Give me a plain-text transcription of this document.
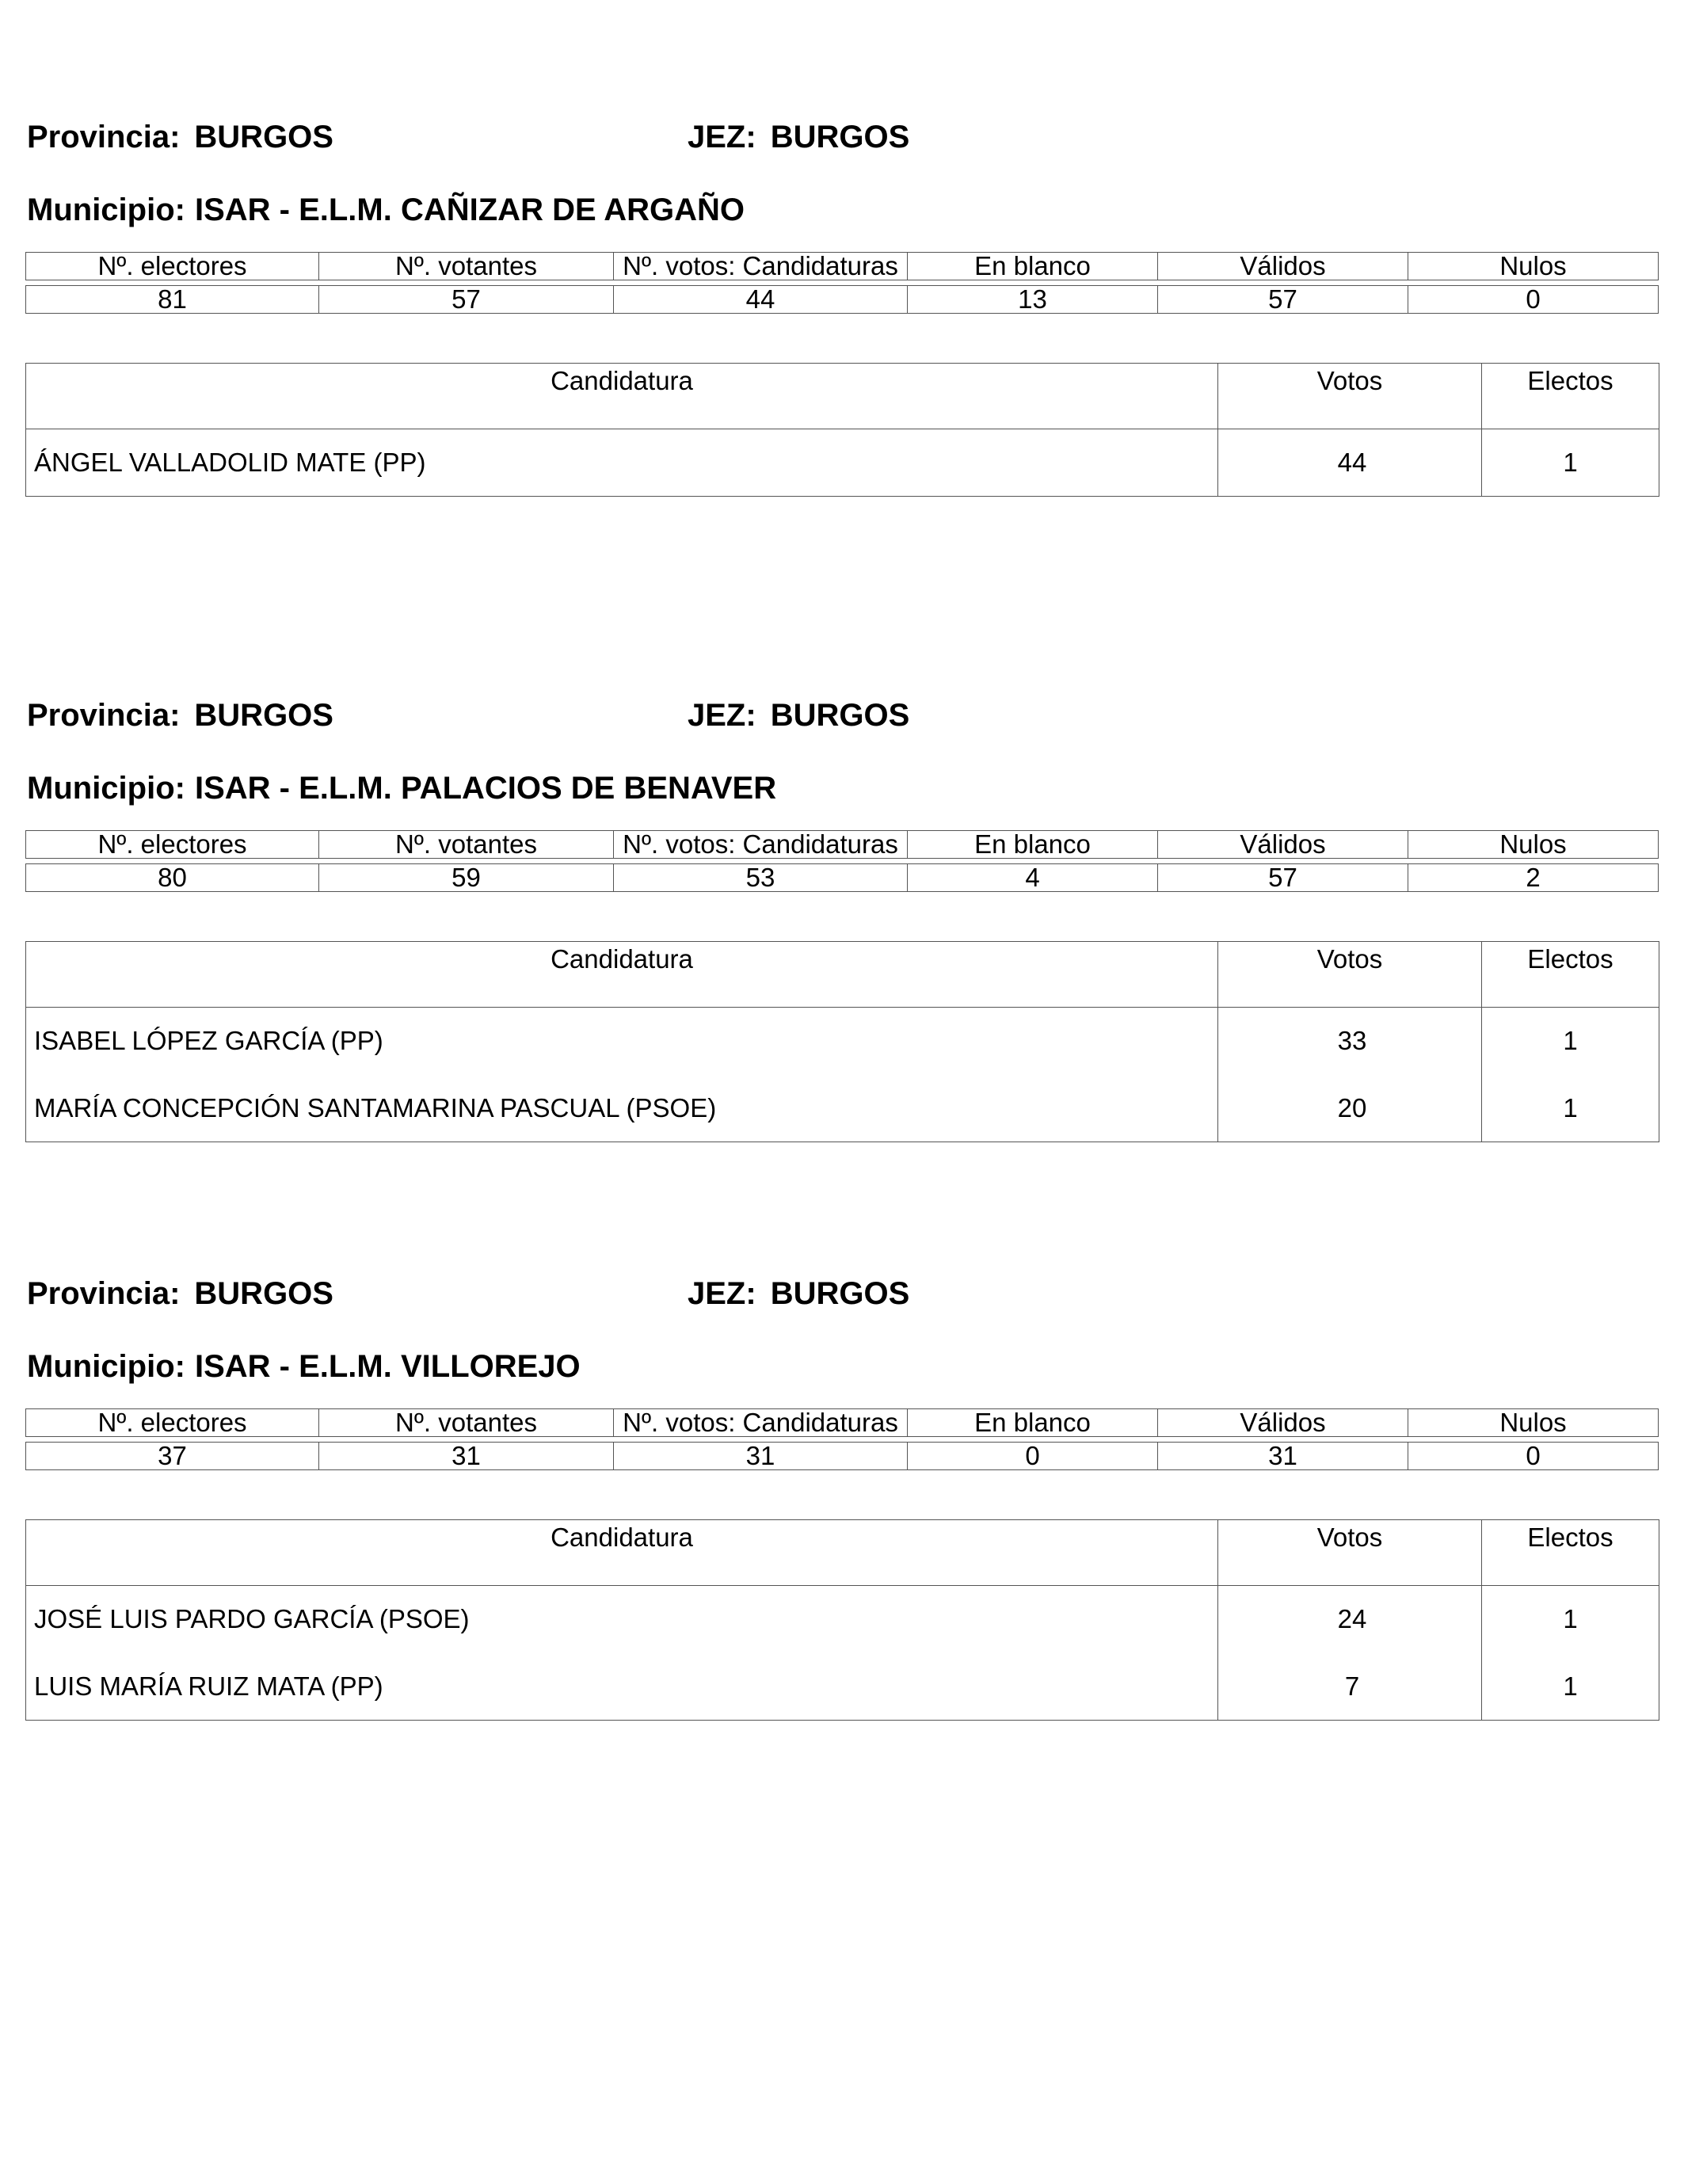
Provincia: BURGOS	JEZ: BURGOS
Municipio: ISAR - E.L.M. CAÑIZAR DE ARGAÑO
Nº. electores	Nº. votantes	Nº. votos: Candidaturas	En blanco	Válidos	Nulos
81	57	44	13	57	0
Candidatura	Votos	Electos
ÁNGEL VALLADOLID MATE (PP)	44	1
Provincia: BURGOS	JEZ: BURGOS
Municipio: ISAR - E.L.M. PALACIOS DE BENAVER
Nº. electores	Nº. votantes	Nº. votos: Candidaturas	En blanco	Válidos	Nulos
80	59	53	4	57	2
Candidatura	Votos	Electos
ISABEL LÓPEZ GARCÍA (PP)	33	1
MARÍA CONCEPCIÓN SANTAMARINA PASCUAL (PSOE)	20	1
Provincia: BURGOS	JEZ: BURGOS
Municipio: ISAR - E.L.M. VILLOREJO
Nº. electores	Nº. votantes	Nº. votos: Candidaturas	En blanco	Válidos	Nulos
37	31	31	0	31	0
Candidatura	Votos	Electos
JOSÉ LUIS PARDO GARCÍA (PSOE)	24	1
LUIS MARÍA RUIZ MATA (PP)	7	1
